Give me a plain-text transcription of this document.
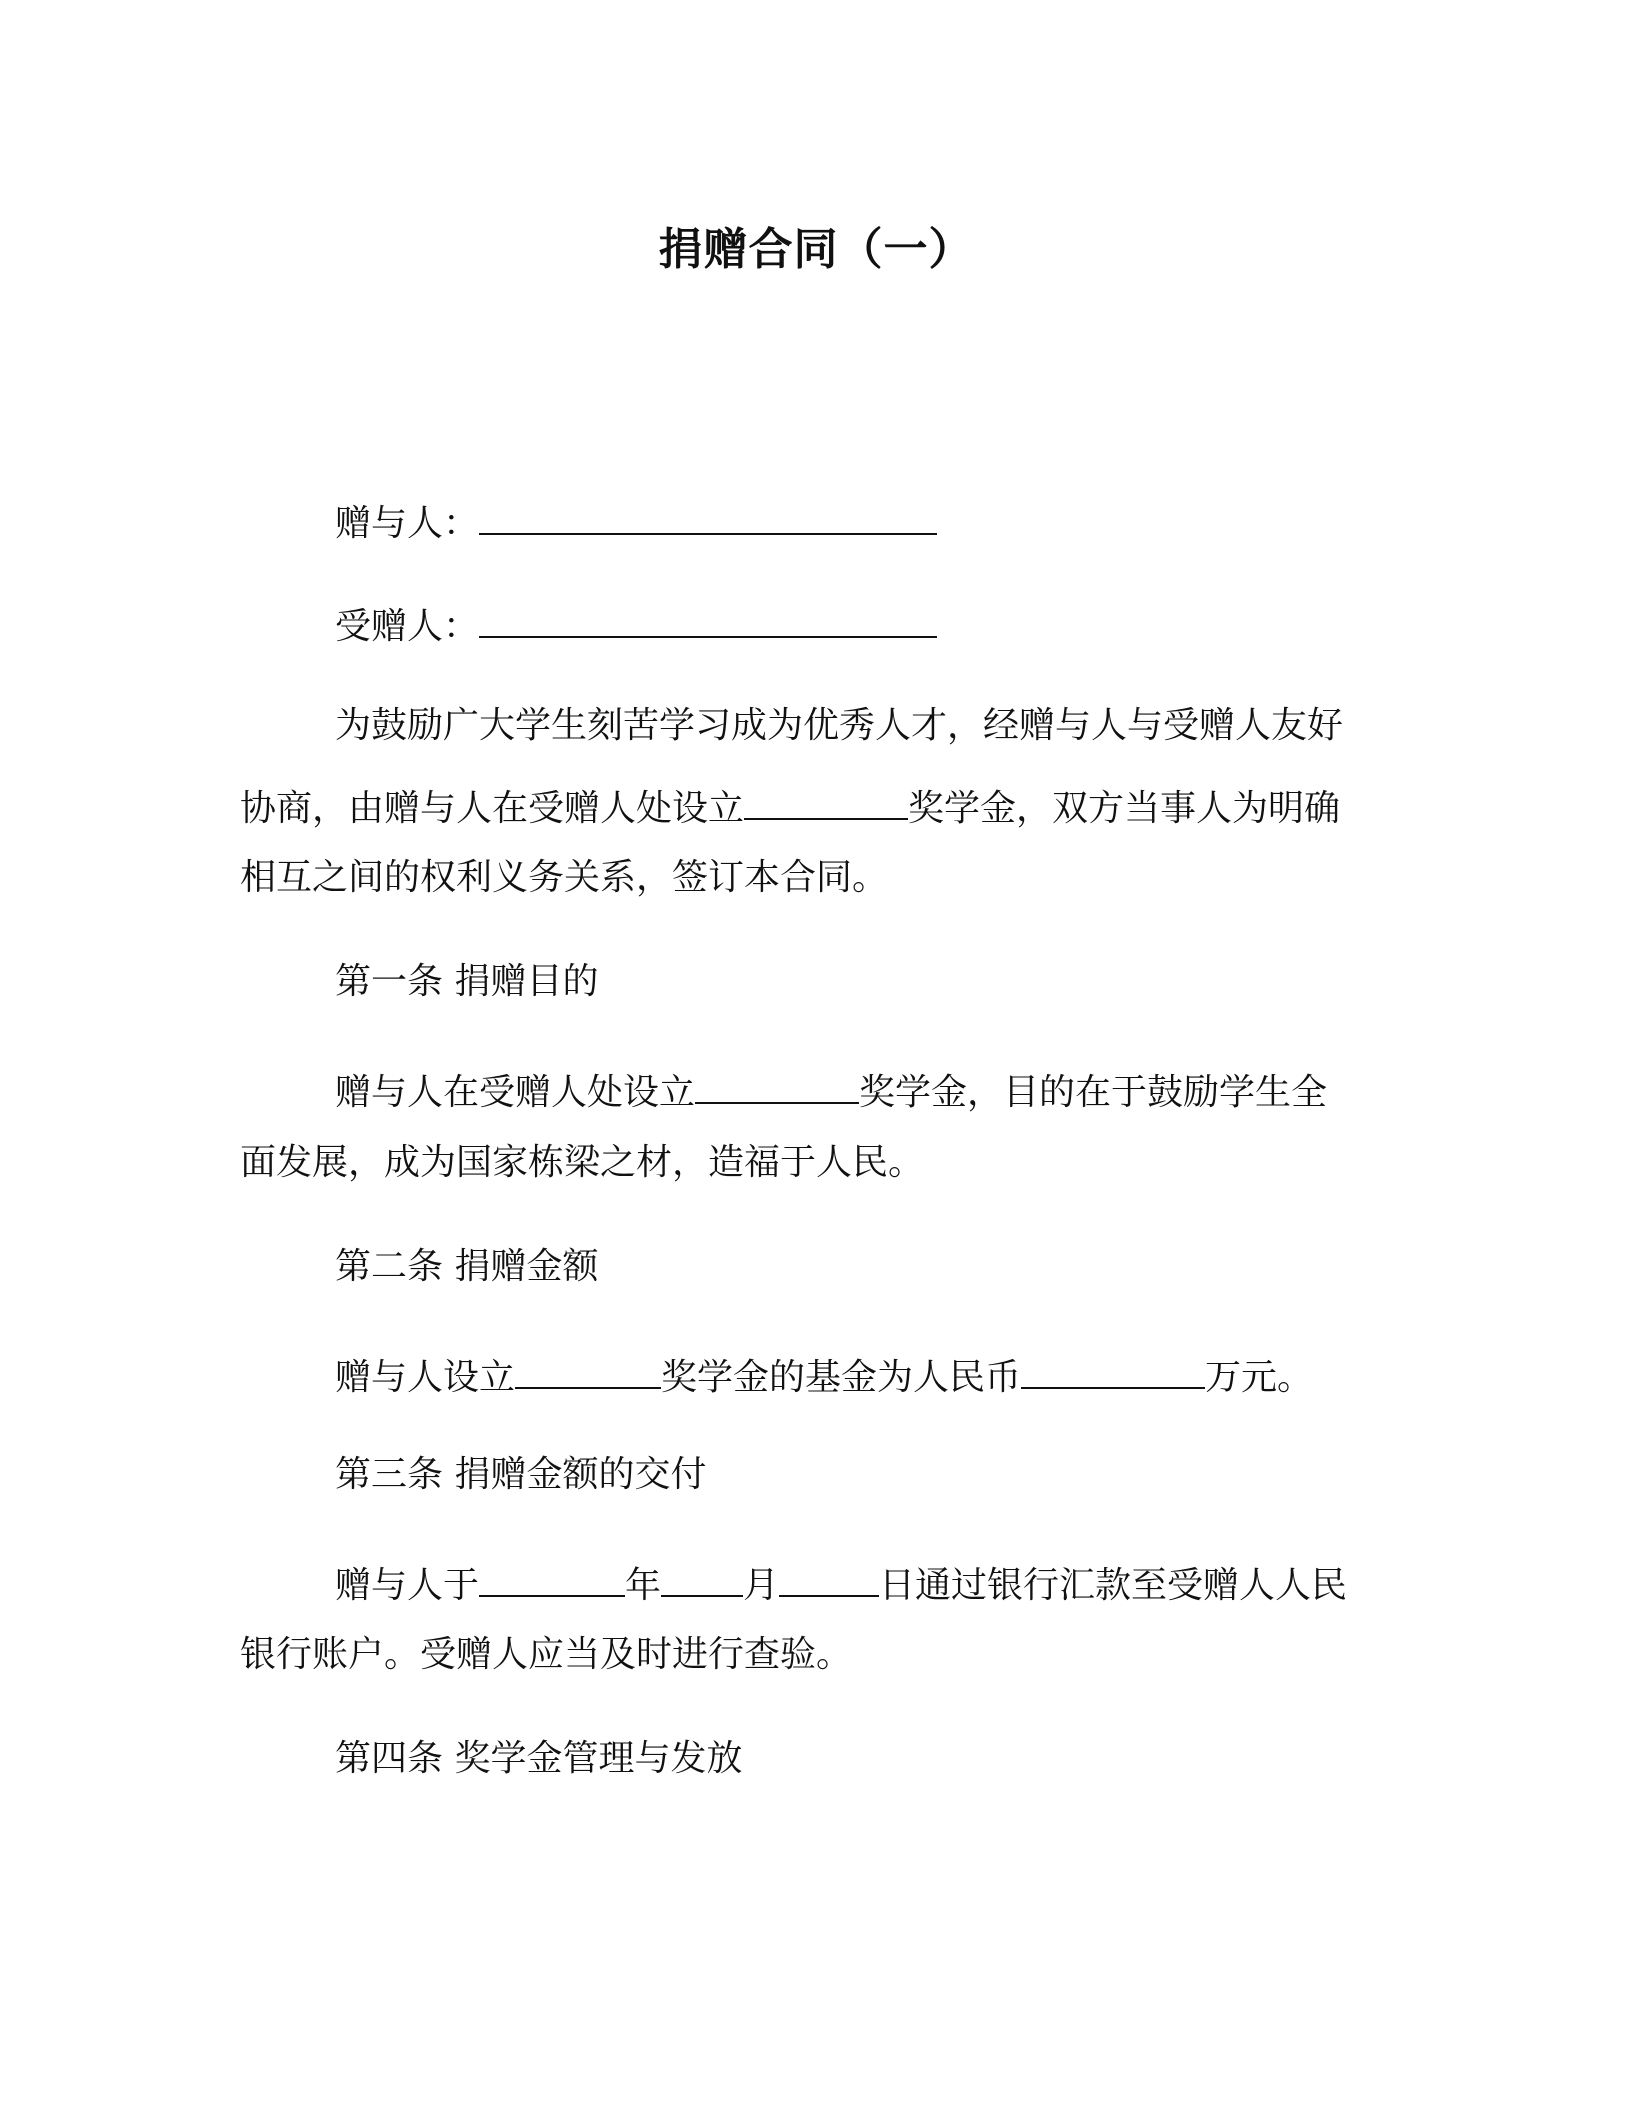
捐赠合同（一）

赠与人：

受赠人：

为鼓励广大学生刻苦学习成为优秀人才，经赠与人与受赠人友好

协商，由赠与人在受赠人处设立	奖学金，双方当事人为明确

相互之间的权利义务关系，签订本合同。

第一条 捐赠目的

赠与人在受赠人处设立	奖学金，目的在于鼓励学生全

面发展，成为国家栋梁之材，造福于人民。

第二条 捐赠金额

赠与人设立	奖学金的基金为人民币	万元。

第三条 捐赠金额的交付

赠与人于	年 月	日通过银行汇款至受赠人人民

银行账户。受赠人应当及时进行查验。

第四条 奖学金管理与发放
